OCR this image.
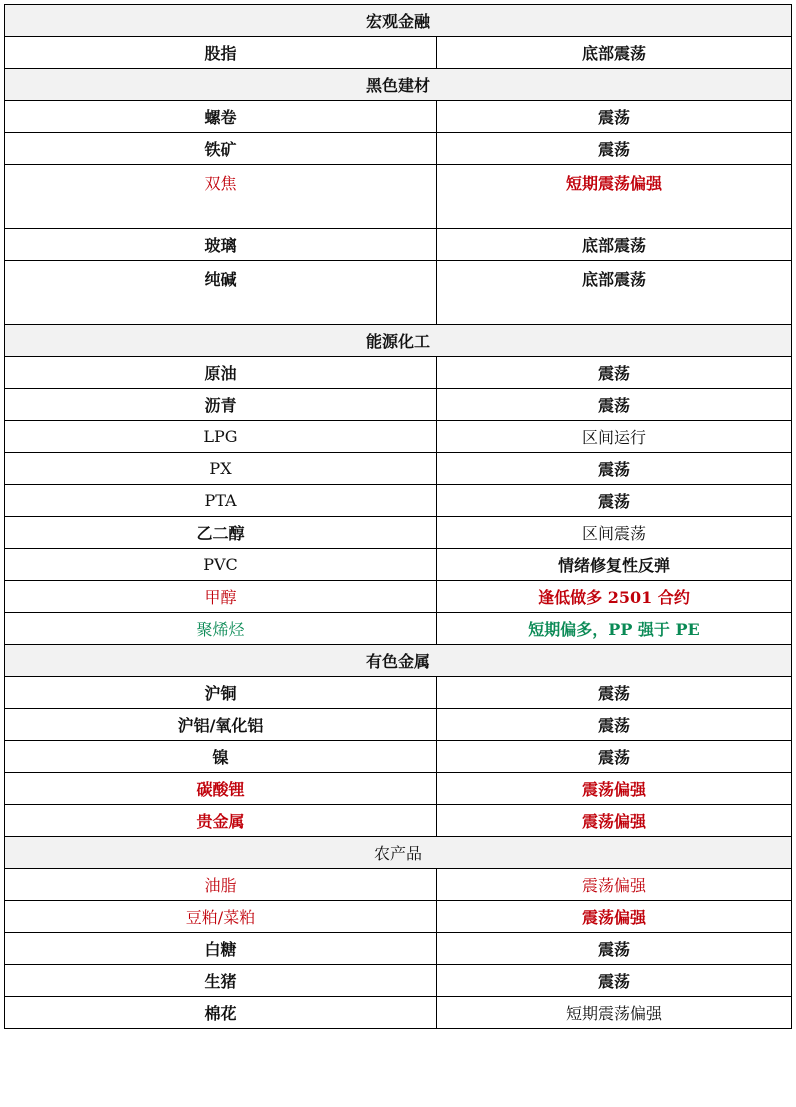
宏观金融	
股指	底部震荡
黑色建材	
螺卷	震荡
铁矿	震荡
双焦	短期震荡偏强
玻璃	底部震荡
纯碱	底部震荡
能源化工	
原油	震荡
沥青	震荡
LPG	区间运行
PX	震荡
PTA	震荡
乙二醇	区间震荡
PVC	情绪修复性反弹
甲醇	逢低做多 2501 合约
聚烯烃	短期偏多，PP 强于 PE
有色金属	
沪铜	震荡
沪铝/氧化铝	震荡
镍	震荡
碳酸锂	震荡偏强
贵金属	震荡偏强
农产品	
油脂	震荡偏强
豆粕/菜粕	震荡偏强
白糖	震荡
生猪	震荡
棉花	短期震荡偏强
